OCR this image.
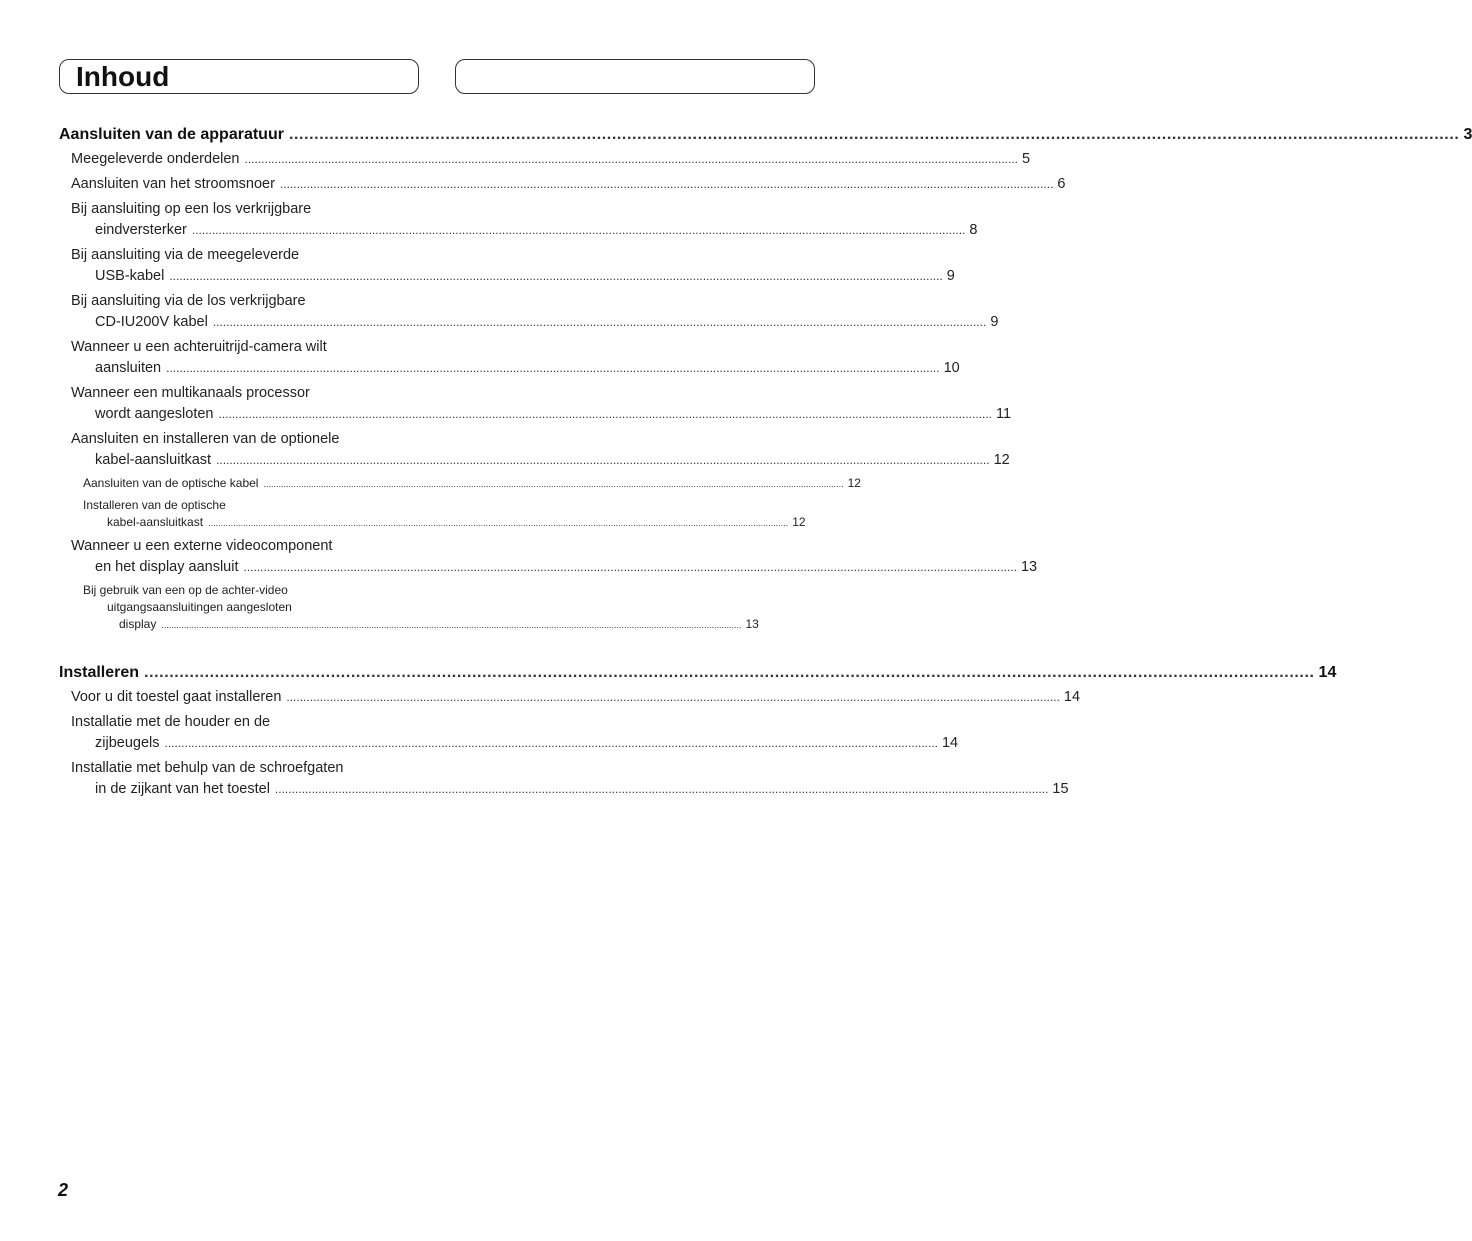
Inhoud
Aansluiten van de apparatuur .....	3
Meegeleverde onderdelen .....	5
Aansluiten van het stroomsnoer .....	6
Bij aansluiting op een los verkrijgbare
eindversterker .....	8
Bij aansluiting via de meegeleverde
USB-kabel .....	9
Bij aansluiting via de los verkrijgbare
CD-IU200V kabel .....	9
Wanneer u een achteruitrijd-camera wilt
aansluiten .....	10
Wanneer een multikanaals processor
wordt aangesloten .....	11
Aansluiten en installeren van de optionele
kabel-aansluitkast .....	12
Aansluiten van de optische kabel .....	12
Installeren van de optische
kabel-aansluitkast .....	12
Wanneer u een externe videocomponent
en het display aansluit .....	13
Bij gebruik van een op de achter-video
uitgangsaansluitingen aangesloten
display .....	13
Installeren .....	14
Voor u dit toestel gaat installeren .....	14
Installatie met de houder en de
zijbeugels .....	14
Installatie met behulp van de schroefgaten
in de zijkant van het toestel .....	15
2
